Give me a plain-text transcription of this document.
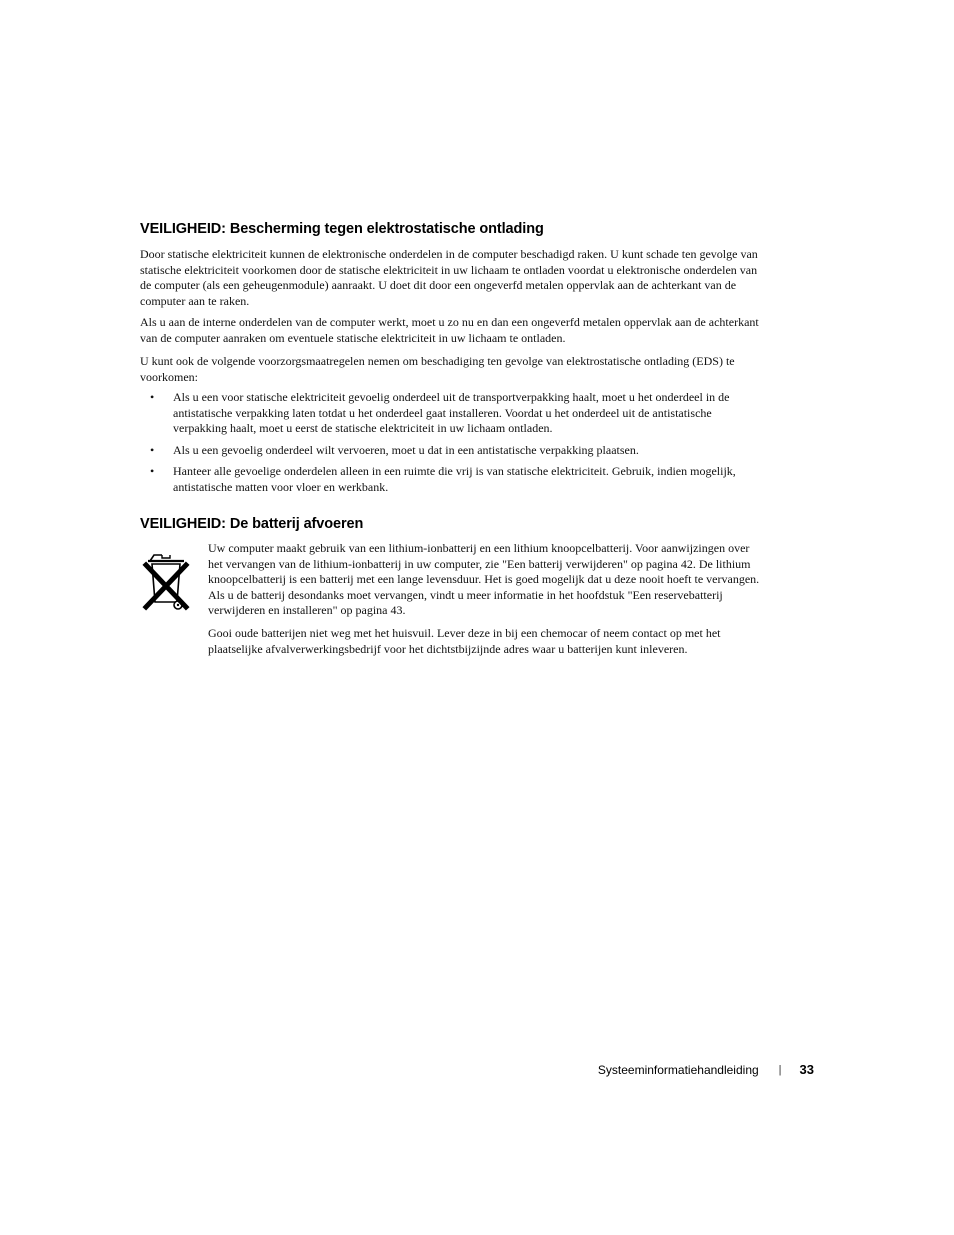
VEILIGHEID: Bescherming tegen elektrostatische ontlading

Door statische elektriciteit kunnen de elektronische onderdelen in de computer beschadigd raken. U kunt schade ten gevolge van statische elektriciteit voorkomen door de statische elektriciteit in uw lichaam te ontladen voordat u elektronische onderdelen van de computer (als een geheugenmodule) aanraakt. U doet dit door een ongeverfd metalen oppervlak aan de achterkant van de computer aan te raken.

Als u aan de interne onderdelen van de computer werkt, moet u zo nu en dan een ongeverfd metalen oppervlak aan de achterkant van de computer aanraken om eventuele statische elektriciteit in uw lichaam te ontladen.

U kunt ook de volgende voorzorgsmaatregelen nemen om beschadiging ten gevolge van elektrostatische ontlading (EDS) te voorkomen:

• Als u een voor statische elektriciteit gevoelig onderdeel uit de transportverpakking haalt, moet u het onderdeel in de antistatische verpakking laten totdat u het onderdeel gaat installeren. Voordat u het onderdeel uit de antistatische verpakking haalt, moet u eerst de statische elektriciteit in uw lichaam ontladen.
• Als u een gevoelig onderdeel wilt vervoeren, moet u dat in een antistatische verpakking plaatsen.
• Hanteer alle gevoelige onderdelen alleen in een ruimte die vrij is van statische elektriciteit. Gebruik, indien mogelijk, antistatische matten voor vloer en werkbank.
VEILIGHEID: De batterij afvoeren

Uw computer maakt gebruik van een lithium-ionbatterij en een lithium knoopcelbatterij. Voor aanwijzingen over het vervangen van de lithium-ionbatterij in uw computer, zie "Een batterij verwijderen" op pagina 42. De lithium knoopcelbatterij is een batterij met een lange levensduur. Het is goed mogelijk dat u deze nooit hoeft te vervangen. Als u de batterij desondanks moet vervangen, vindt u meer informatie in het hoofdstuk "Een reservebatterij verwijderen en installeren" op pagina 43.

Gooi oude batterijen niet weg met het huisvuil. Lever deze in bij een chemocar of neem contact op met het plaatselijke afvalverwerkingsbedrijf voor het dichtstbijzijnde adres waar u batterijen kunt inleveren.

Systeeminformatiehandleiding | 33
